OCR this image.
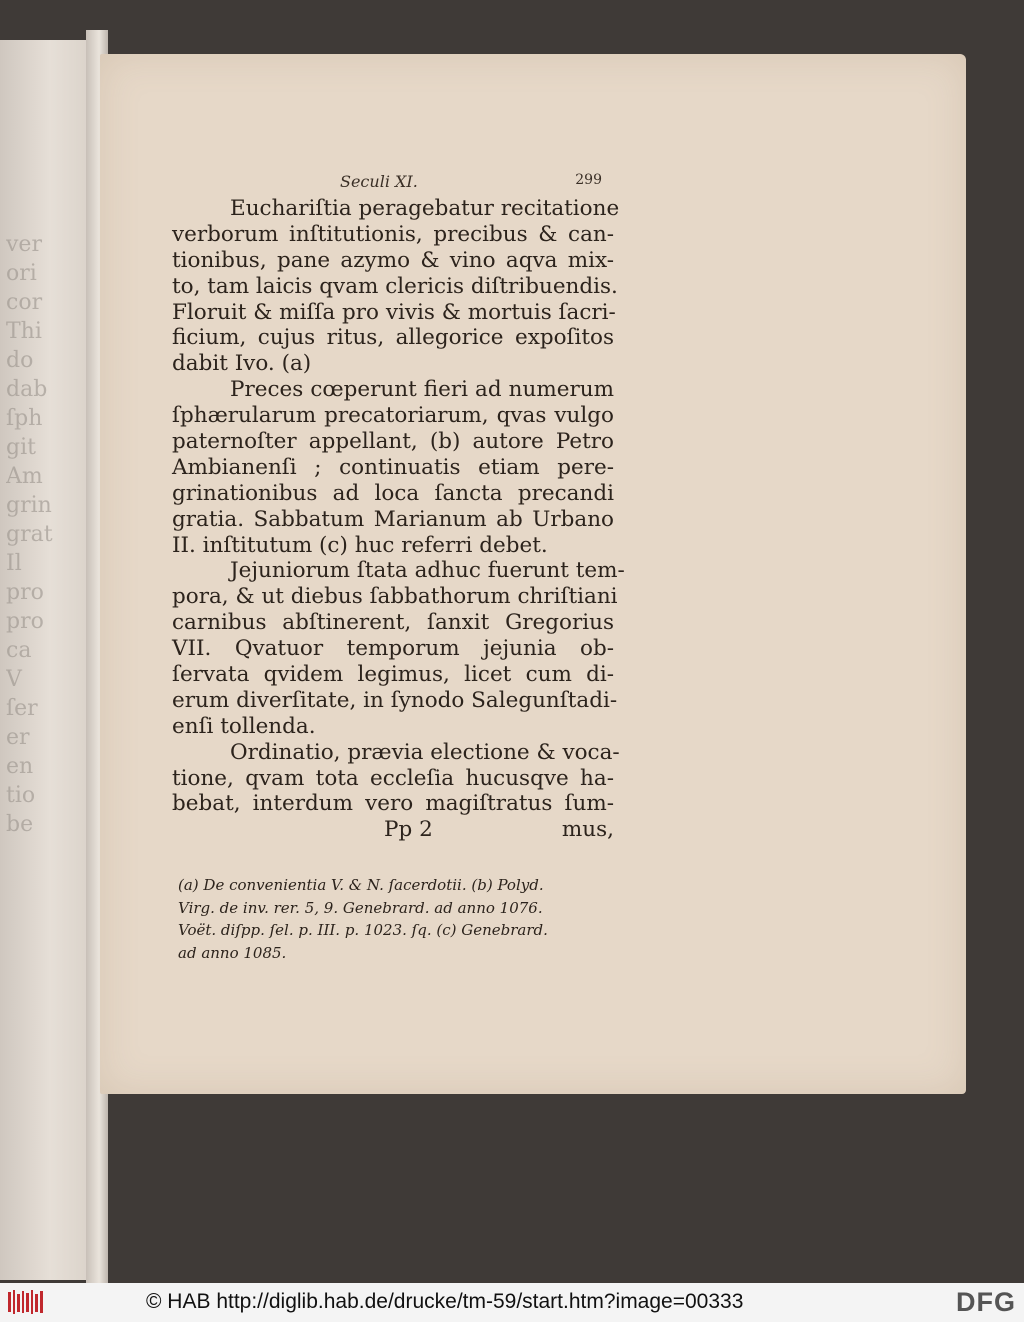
ver
ori
cor
Thi
do
dab
ſph
git
Am
grin
grat
Il
pro
pro
ca
V
ſer
er
en
tio
be
Seculi XI.	299
Euchariſtia peragebatur recitatione
verborum inſtitutionis, precibus & can-
tionibus, pane azymo & vino aqva mix-
to, tam laicis qvam clericis diſtribuendis.
Floruit & miſſa pro vivis & mortuis ſacri-
ficium, cujus ritus, allegorice expoſitos
dabit Ivo. (a)
Preces cœperunt fieri ad numerum
ſphærularum precatoriarum, qvas vulgo
paternoſter appellant, (b) autore Petro
Ambianenſi ; continuatis etiam pere-
grinationibus ad loca ſancta precandi
gratia. Sabbatum Marianum ab Urbano
II. inſtitutum (c) huc referri debet.
Jejuniorum ſtata adhuc fuerunt tem-
pora, & ut diebus ſabbathorum chriſtiani
carnibus abſtinerent, ſanxit Gregorius
VII. Qvatuor temporum jejunia ob-
ſervata qvidem legimus, licet cum di-
erum diverſitate, in ſynodo Salegunſtadi-
enſi tollenda.
Ordinatio, prævia electione & voca-
tione, qvam tota eccleſia hucusqve ha-
bebat, interdum vero magiſtratus ſum-
Pp 2	mus,
(a) De convenientia V. & N. ſacerdotii. (b) Polyd.
Virg. de inv. rer. 5, 9. Genebrard. ad anno 1076.
Voët. diſpp. ſel. p. III. p. 1023. ſq. (c) Genebrard.
ad anno 1085.
© HAB http://diglib.hab.de/drucke/tm-59/start.htm?image=00333	DFG
